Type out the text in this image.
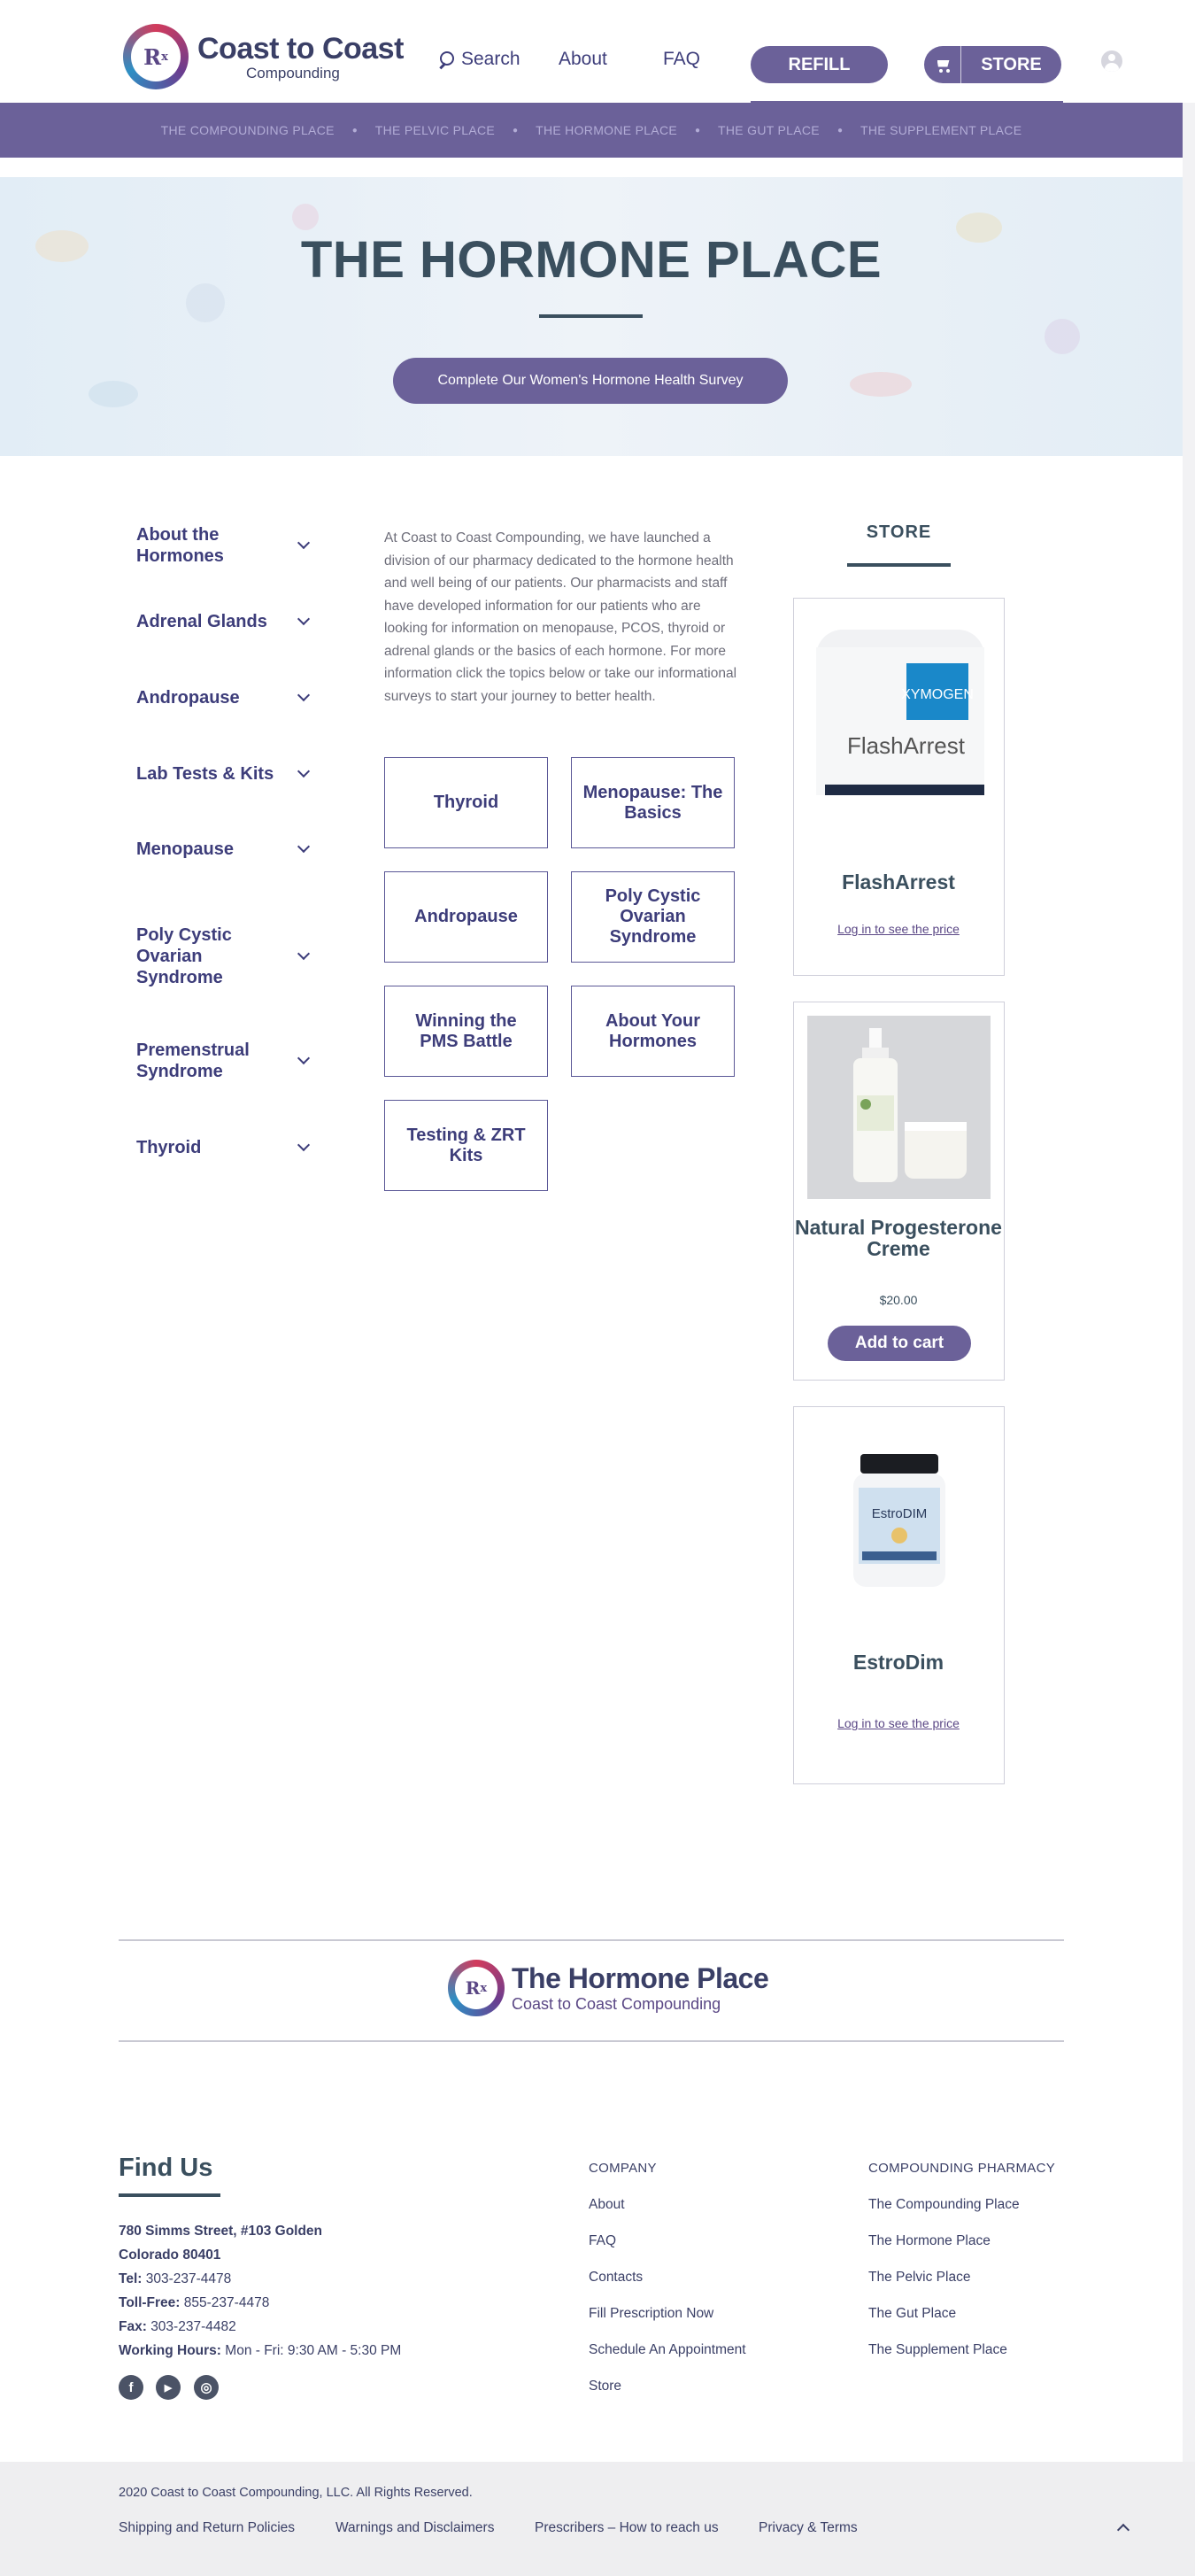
R x Coast to Coast
Compounding
Search About	FAQ	REFILL	STORE
THE COMPOUNDING PLACE ● THE PELVIC PLACE ● THE HORMONE PLACE ● THE GUT PLACE ● THE SUPPLEMENT PLACE
THE HORMONE PLACE
Complete Our Women's Hormone Health Survey
About the Hormones
Adrenal Glands
Andropause
Lab Tests & Kits
Menopause
Poly Cystic Ovarian Syndrome
Premenstrual Syndrome
Thyroid

At Coast to Coast Compounding, we have launched a division of our pharmacy dedicated to the hormone health and well being of our patients. Our pharmacists and staff have developed information for our patients who are looking for information on menopause, PCOS, thyroid or adrenal glands or the basics of each hormone. For more information click the topics below or take our informational surveys to start your journey to better health.

Thyroid
Menopause: The Basics
Andropause
Poly Cystic Ovarian Syndrome
Winning the PMS Battle
About Your Hormones
Testing & ZRT Kits
STORE
XYMOGEN
FlashArrest
FlashArrest
Log in to see the price
Natural Progesterone Creme
$20.00
Add to cart
EstroDIM
EstroDim
Log in to see the price
R x The Hormone Place
Coast to Coast Compounding
Find Us
780 Simms Street, #103 Golden
Colorado 80401
Tel: 303-237-4478
Toll-Free: 855-237-4478
Fax: 303-237-4482
Working Hours: Mon - Fri: 9:30 AM - 5:30 PM
f	▶	◎
COMPANY
About
FAQ
Contacts
Fill Prescription Now
Schedule An Appointment
Store
COMPOUNDING PHARMACY
The Compounding Place
The Hormone Place
The Pelvic Place
The Gut Place
The Supplement Place
2020 Coast to Coast Compounding, LLC. All Rights Reserved.
Shipping and Return Policies	Warnings and Disclaimers	Prescribers – How to reach us	Privacy & Terms
